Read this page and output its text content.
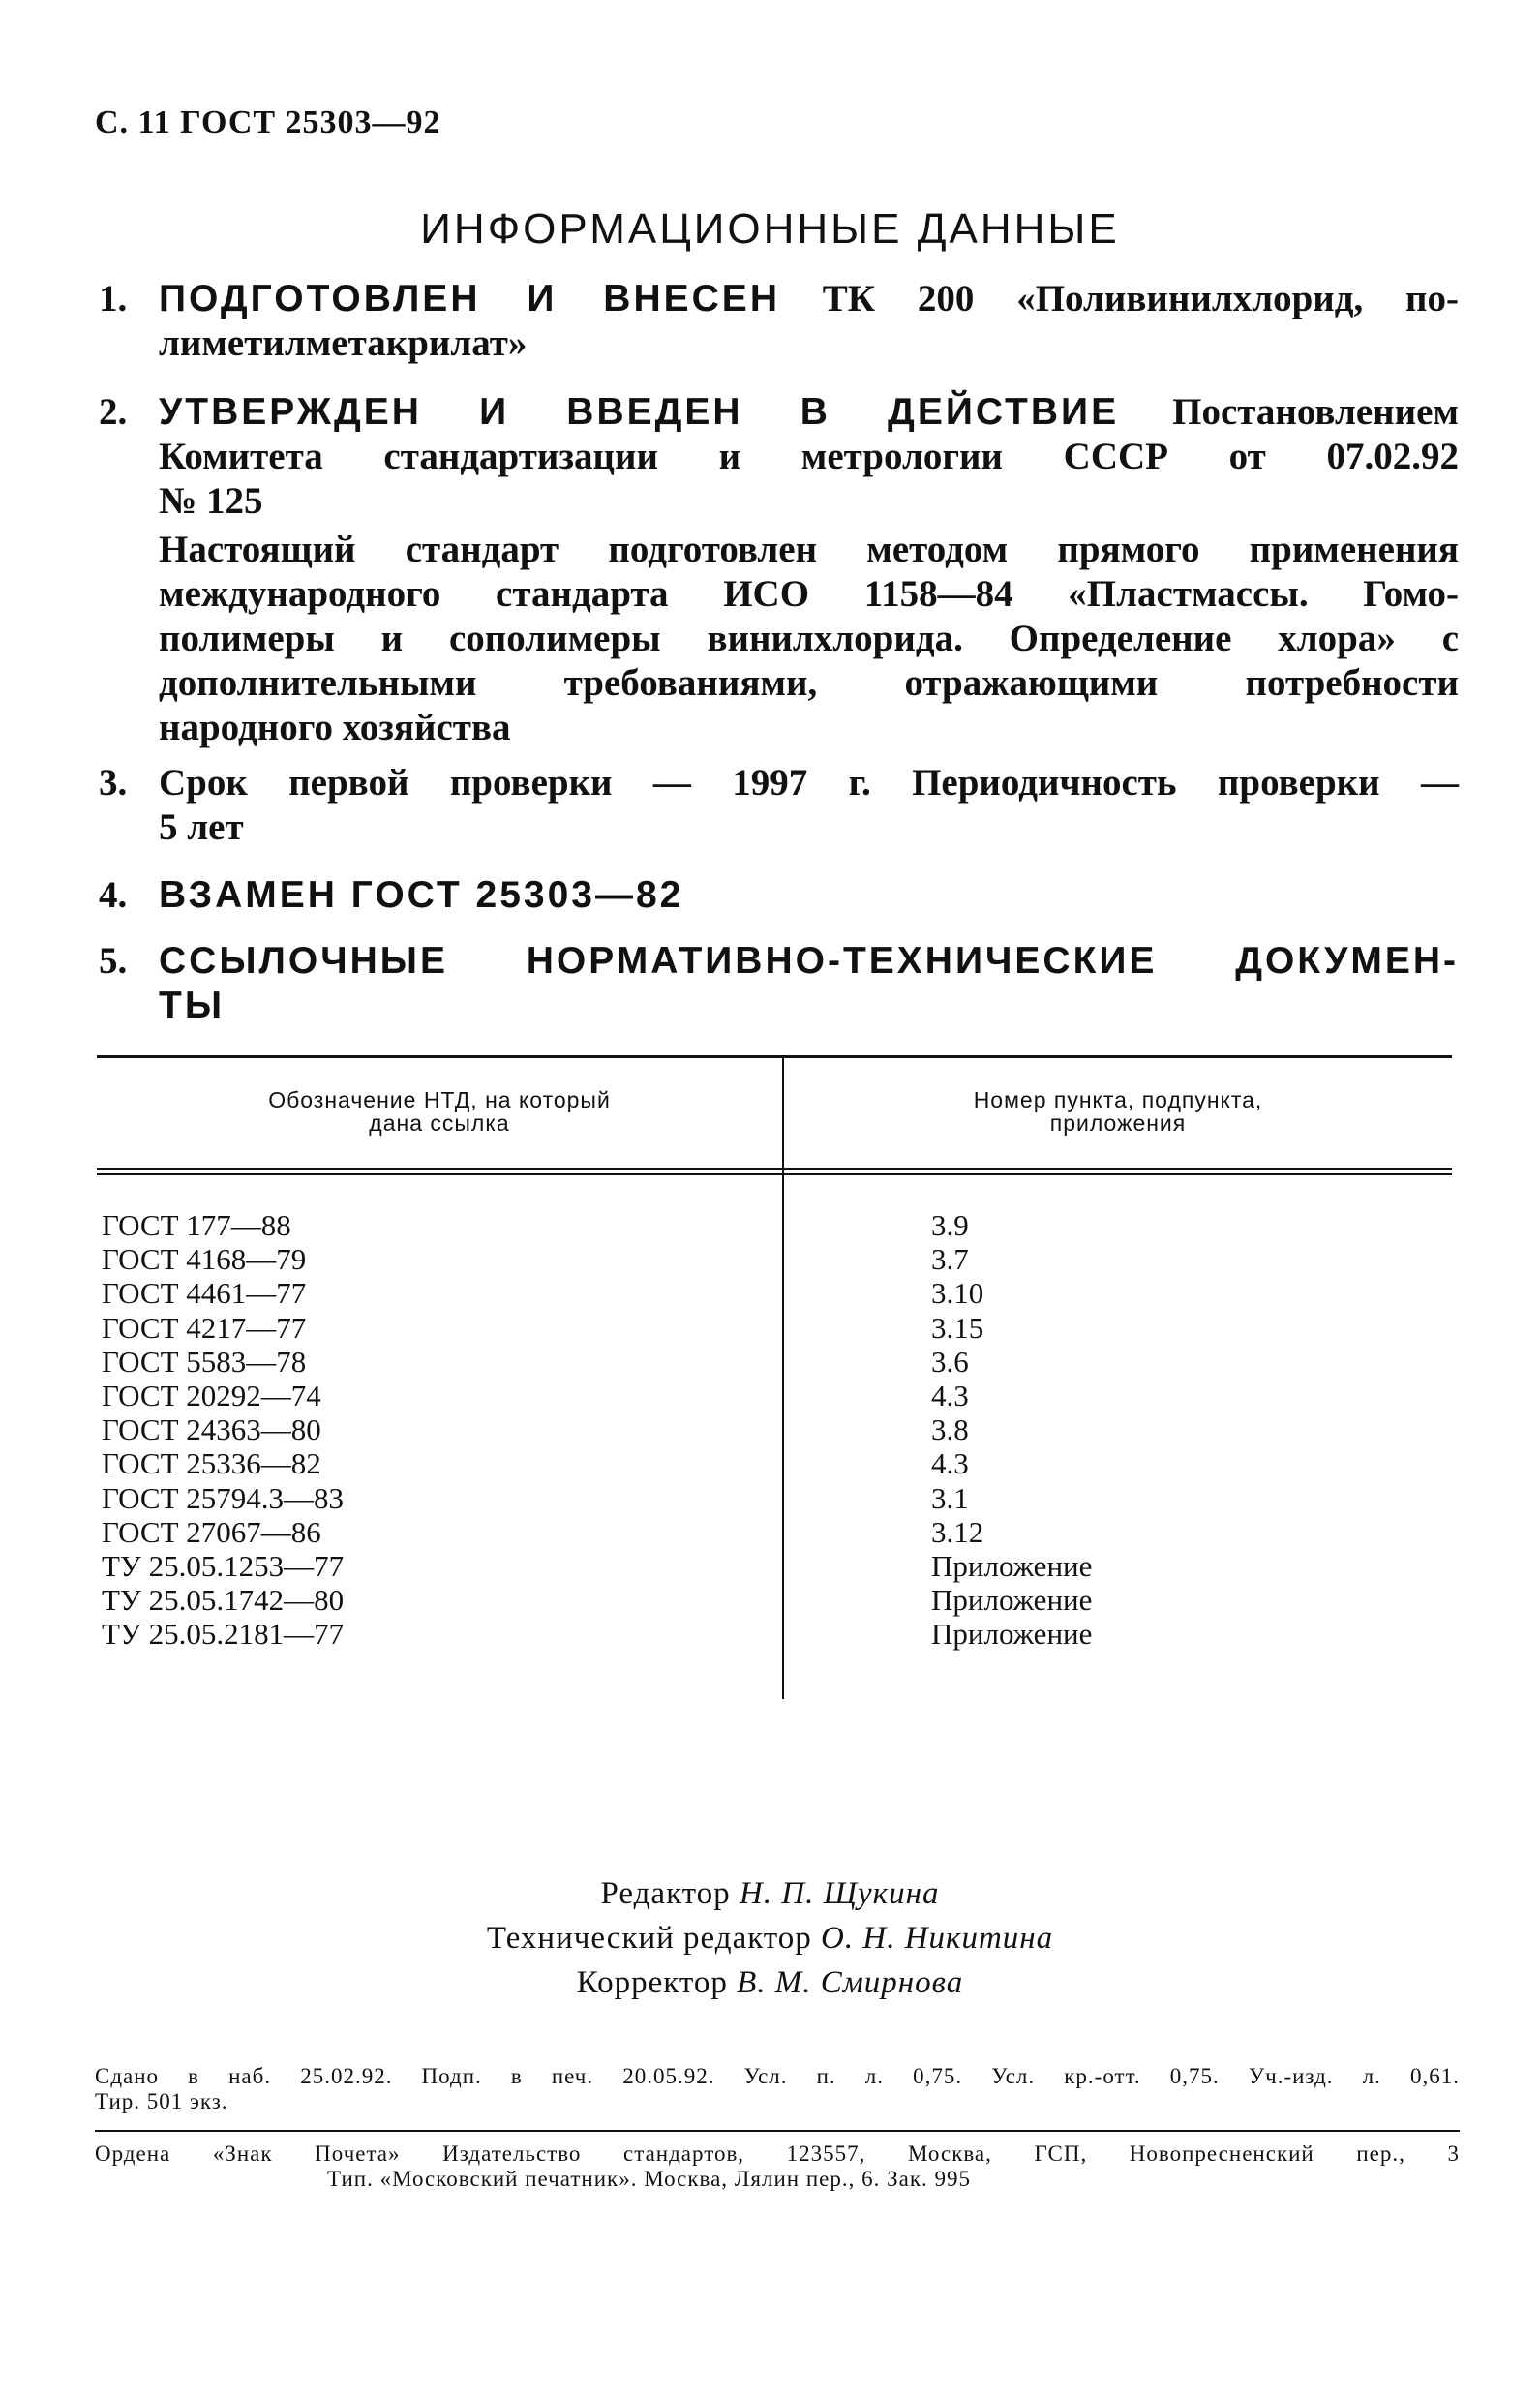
С. 11 ГОСТ 25303—92
ИНФОРМАЦИОННЫЕ ДАННЫЕ
1. ПОДГОТОВЛЕН И ВНЕСЕН ТК 200 «Поливинилхлорид, по-
лиметилметакрилат»
2. УТВЕРЖДЕН И ВВЕДЕН В ДЕЙСТВИЕ Постановлением
Комитета стандартизации и метрологии СССР от 07.02.92
№ 125
Настоящий стандарт подготовлен методом прямого применения
международного стандарта ИСО 1158—84 «Пластмассы. Гомо-
полимеры и сополимеры винилхлорида. Определение хлора» с
дополнительными требованиями, отражающими потребности
народного хозяйства
3. Срок первой проверки — 1997 г. Периодичность проверки —
5 лет
4. ВЗАМЕН ГОСТ 25303—82
5. ССЫЛОЧНЫЕ НОРМАТИВНО-ТЕХНИЧЕСКИЕ ДОКУМЕН-
ТЫ
Обозначение НТД, на который
дана ссылка
Номер пункта, подпункта,
приложения
ГОСТ 177—88	3.9
ГОСТ 4168—79	3.7
ГОСТ 4461—77	3.10
ГОСТ 4217—77	3.15
ГОСТ 5583—78	3.6
ГОСТ 20292—74	4.3
ГОСТ 24363—80	3.8
ГОСТ 25336—82	4.3
ГОСТ 25794.3—83	3.1
ГОСТ 27067—86	3.12
ТУ 25.05.1253—77	Приложение
ТУ 25.05.1742—80	Приложение
ТУ 25.05.2181—77	Приложение
Редактор Н. П. Щукина
Технический редактор О. Н. Никитина
Корректор В. М. Смирнова
Сдано в наб. 25.02.92. Подп. в печ. 20.05.92. Усл. п. л. 0,75. Усл. кр.-отт. 0,75. Уч.-изд. л. 0,61.
Тир. 501 экз.
Ордена «Знак Почета» Издательство стандартов, 123557, Москва, ГСП, Новопресненский пер., 3
Тип. «Московский печатник». Москва, Лялин пер., 6. Зак. 995
